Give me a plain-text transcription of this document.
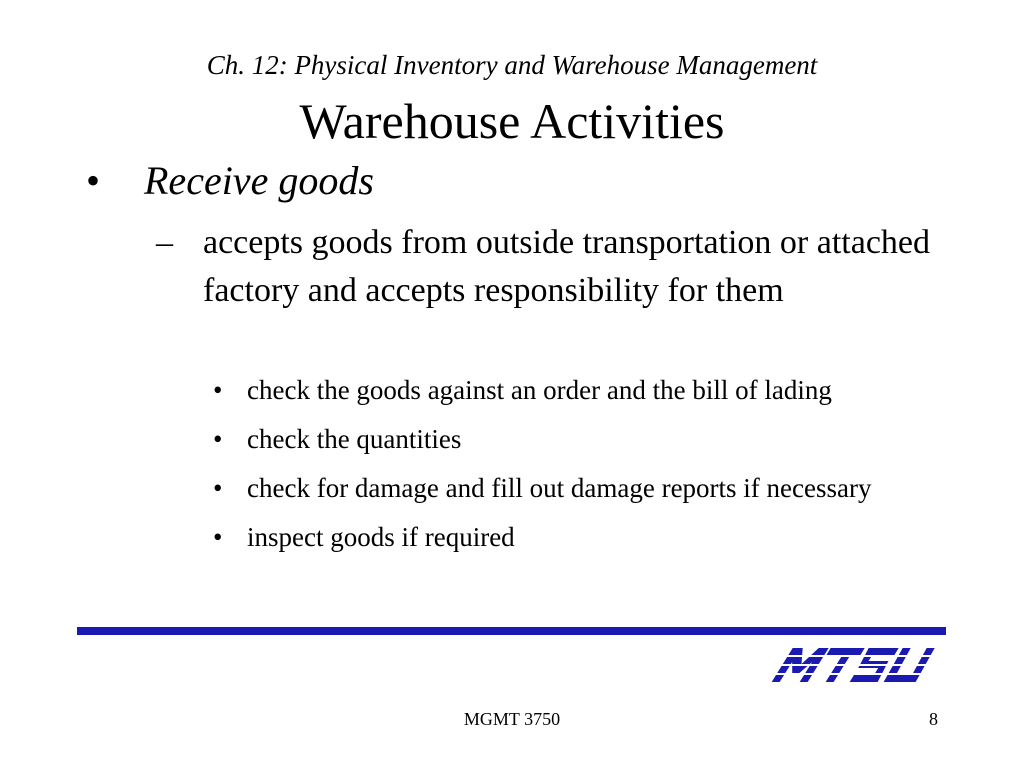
Ch. 12: Physical Inventory and Warehouse Management
Warehouse Activities
• Receive goods
– accepts goods from outside transportation or attached factory and accepts responsibility for them
• check the goods against an order and the bill of lading
• check the quantities
• check for damage and fill out damage reports if necessary
• inspect goods if required
MGMT 3750	8
